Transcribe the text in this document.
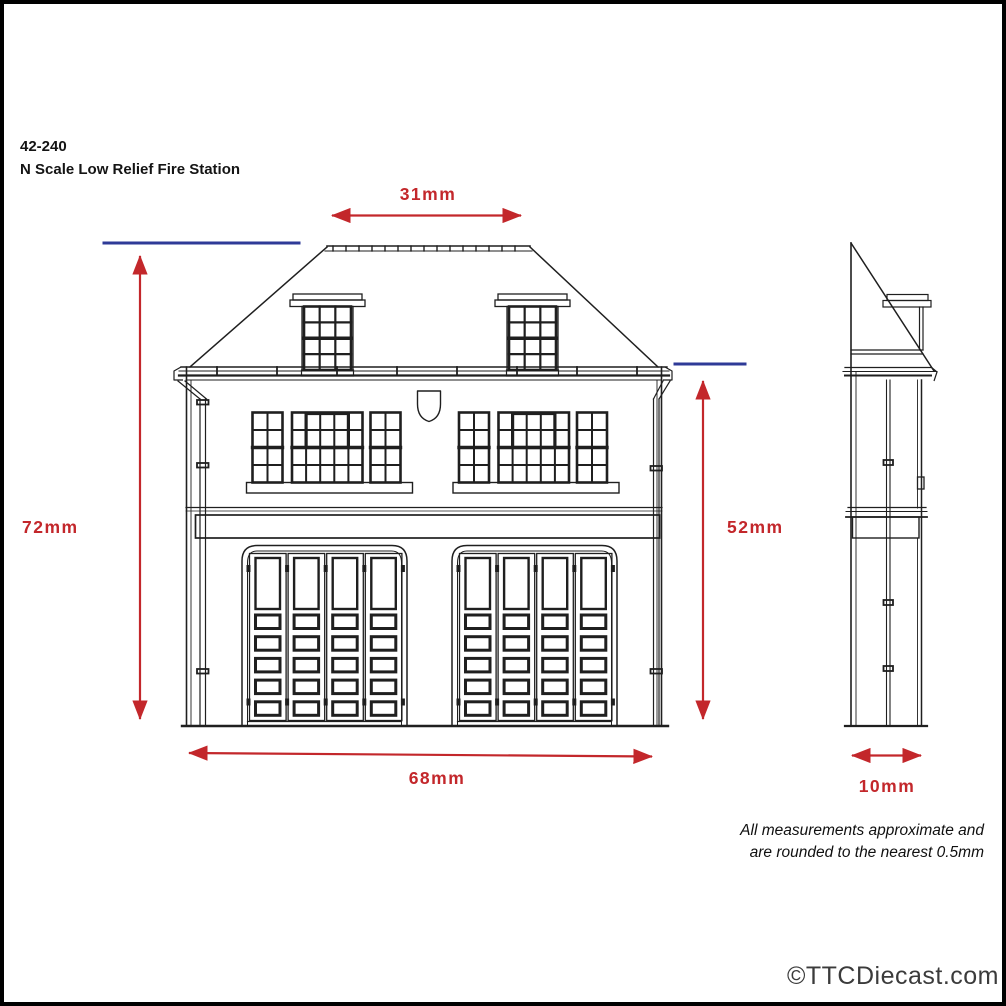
42-240
N Scale Low Relief Fire Station
31mm
72mm	52mm
68mm	10mm
All measurements approximate and
are rounded to the nearest 0.5mm
©TTCDiecast.com
